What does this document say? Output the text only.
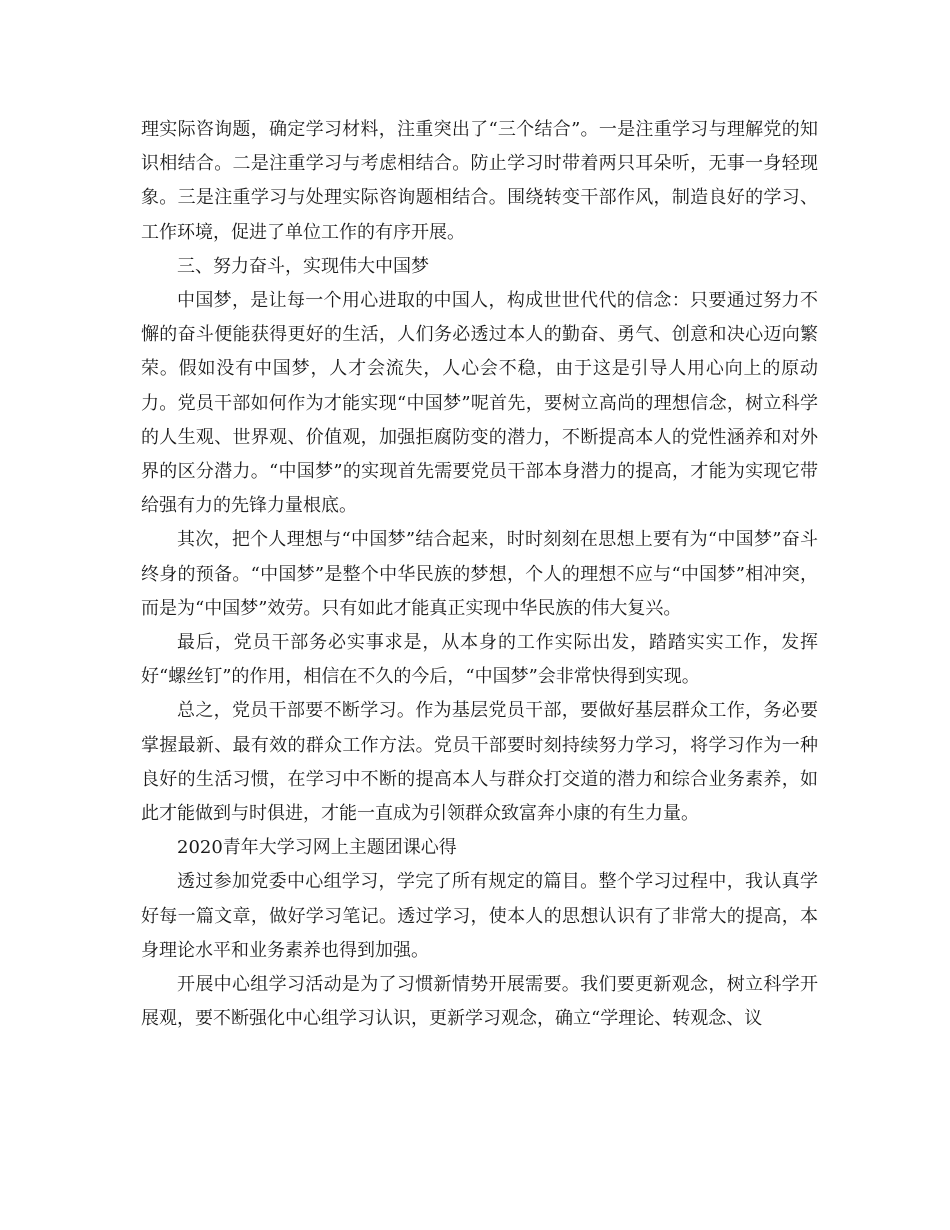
理实际咨询题，确定学习材料，注重突出了“三个结合”。一是注重学习与理解党的知识相结合。二是注重学习与考虑相结合。防止学习时带着两只耳朵听，无事一身轻现象。三是注重学习与处理实际咨询题相结合。围绕转变干部作风，制造良好的学习、工作环境，促进了单位工作的有序开展。

三、努力奋斗，实现伟大中国梦

中国梦，是让每一个用心进取的中国人，构成世世代代的信念：只要通过努力不懈的奋斗便能获得更好的生活，人们务必透过本人的勤奋、勇气、创意和决心迈向繁荣。假如没有中国梦，人才会流失，人心会不稳，由于这是引导人用心向上的原动力。党员干部如何作为才能实现“中国梦”呢首先，要树立高尚的理想信念，树立科学的人生观、世界观、价值观，加强拒腐防变的潜力，不断提高本人的党性涵养和对外界的区分潜力。“中国梦”的实现首先需要党员干部本身潜力的提高，才能为实现它带给强有力的先锋力量根底。

其次，把个人理想与“中国梦”结合起来，时时刻刻在思想上要有为“中国梦”奋斗终身的预备。“中国梦”是整个中华民族的梦想，个人的理想不应与“中国梦”相冲突，而是为“中国梦”效劳。只有如此才能真正实现中华民族的伟大复兴。

最后，党员干部务必实事求是，从本身的工作实际出发，踏踏实实工作，发挥好“螺丝钉”的作用，相信在不久的今后，“中国梦”会非常快得到实现。

总之，党员干部要不断学习。作为基层党员干部，要做好基层群众工作，务必要掌握最新、最有效的群众工作方法。党员干部要时刻持续努力学习，将学习作为一种良好的生活习惯，在学习中不断的提高本人与群众打交道的潜力和综合业务素养，如此才能做到与时俱进，才能一直成为引领群众致富奔小康的有生力量。

2020青年大学习网上主题团课心得

透过参加党委中心组学习，学完了所有规定的篇目。整个学习过程中，我认真学好每一篇文章，做好学习笔记。透过学习，使本人的思想认识有了非常大的提高，本身理论水平和业务素养也得到加强。

开展中心组学习活动是为了习惯新情势开展需要。我们要更新观念，树立科学开展观，要不断强化中心组学习认识，更新学习观念，确立“学理论、转观念、议
